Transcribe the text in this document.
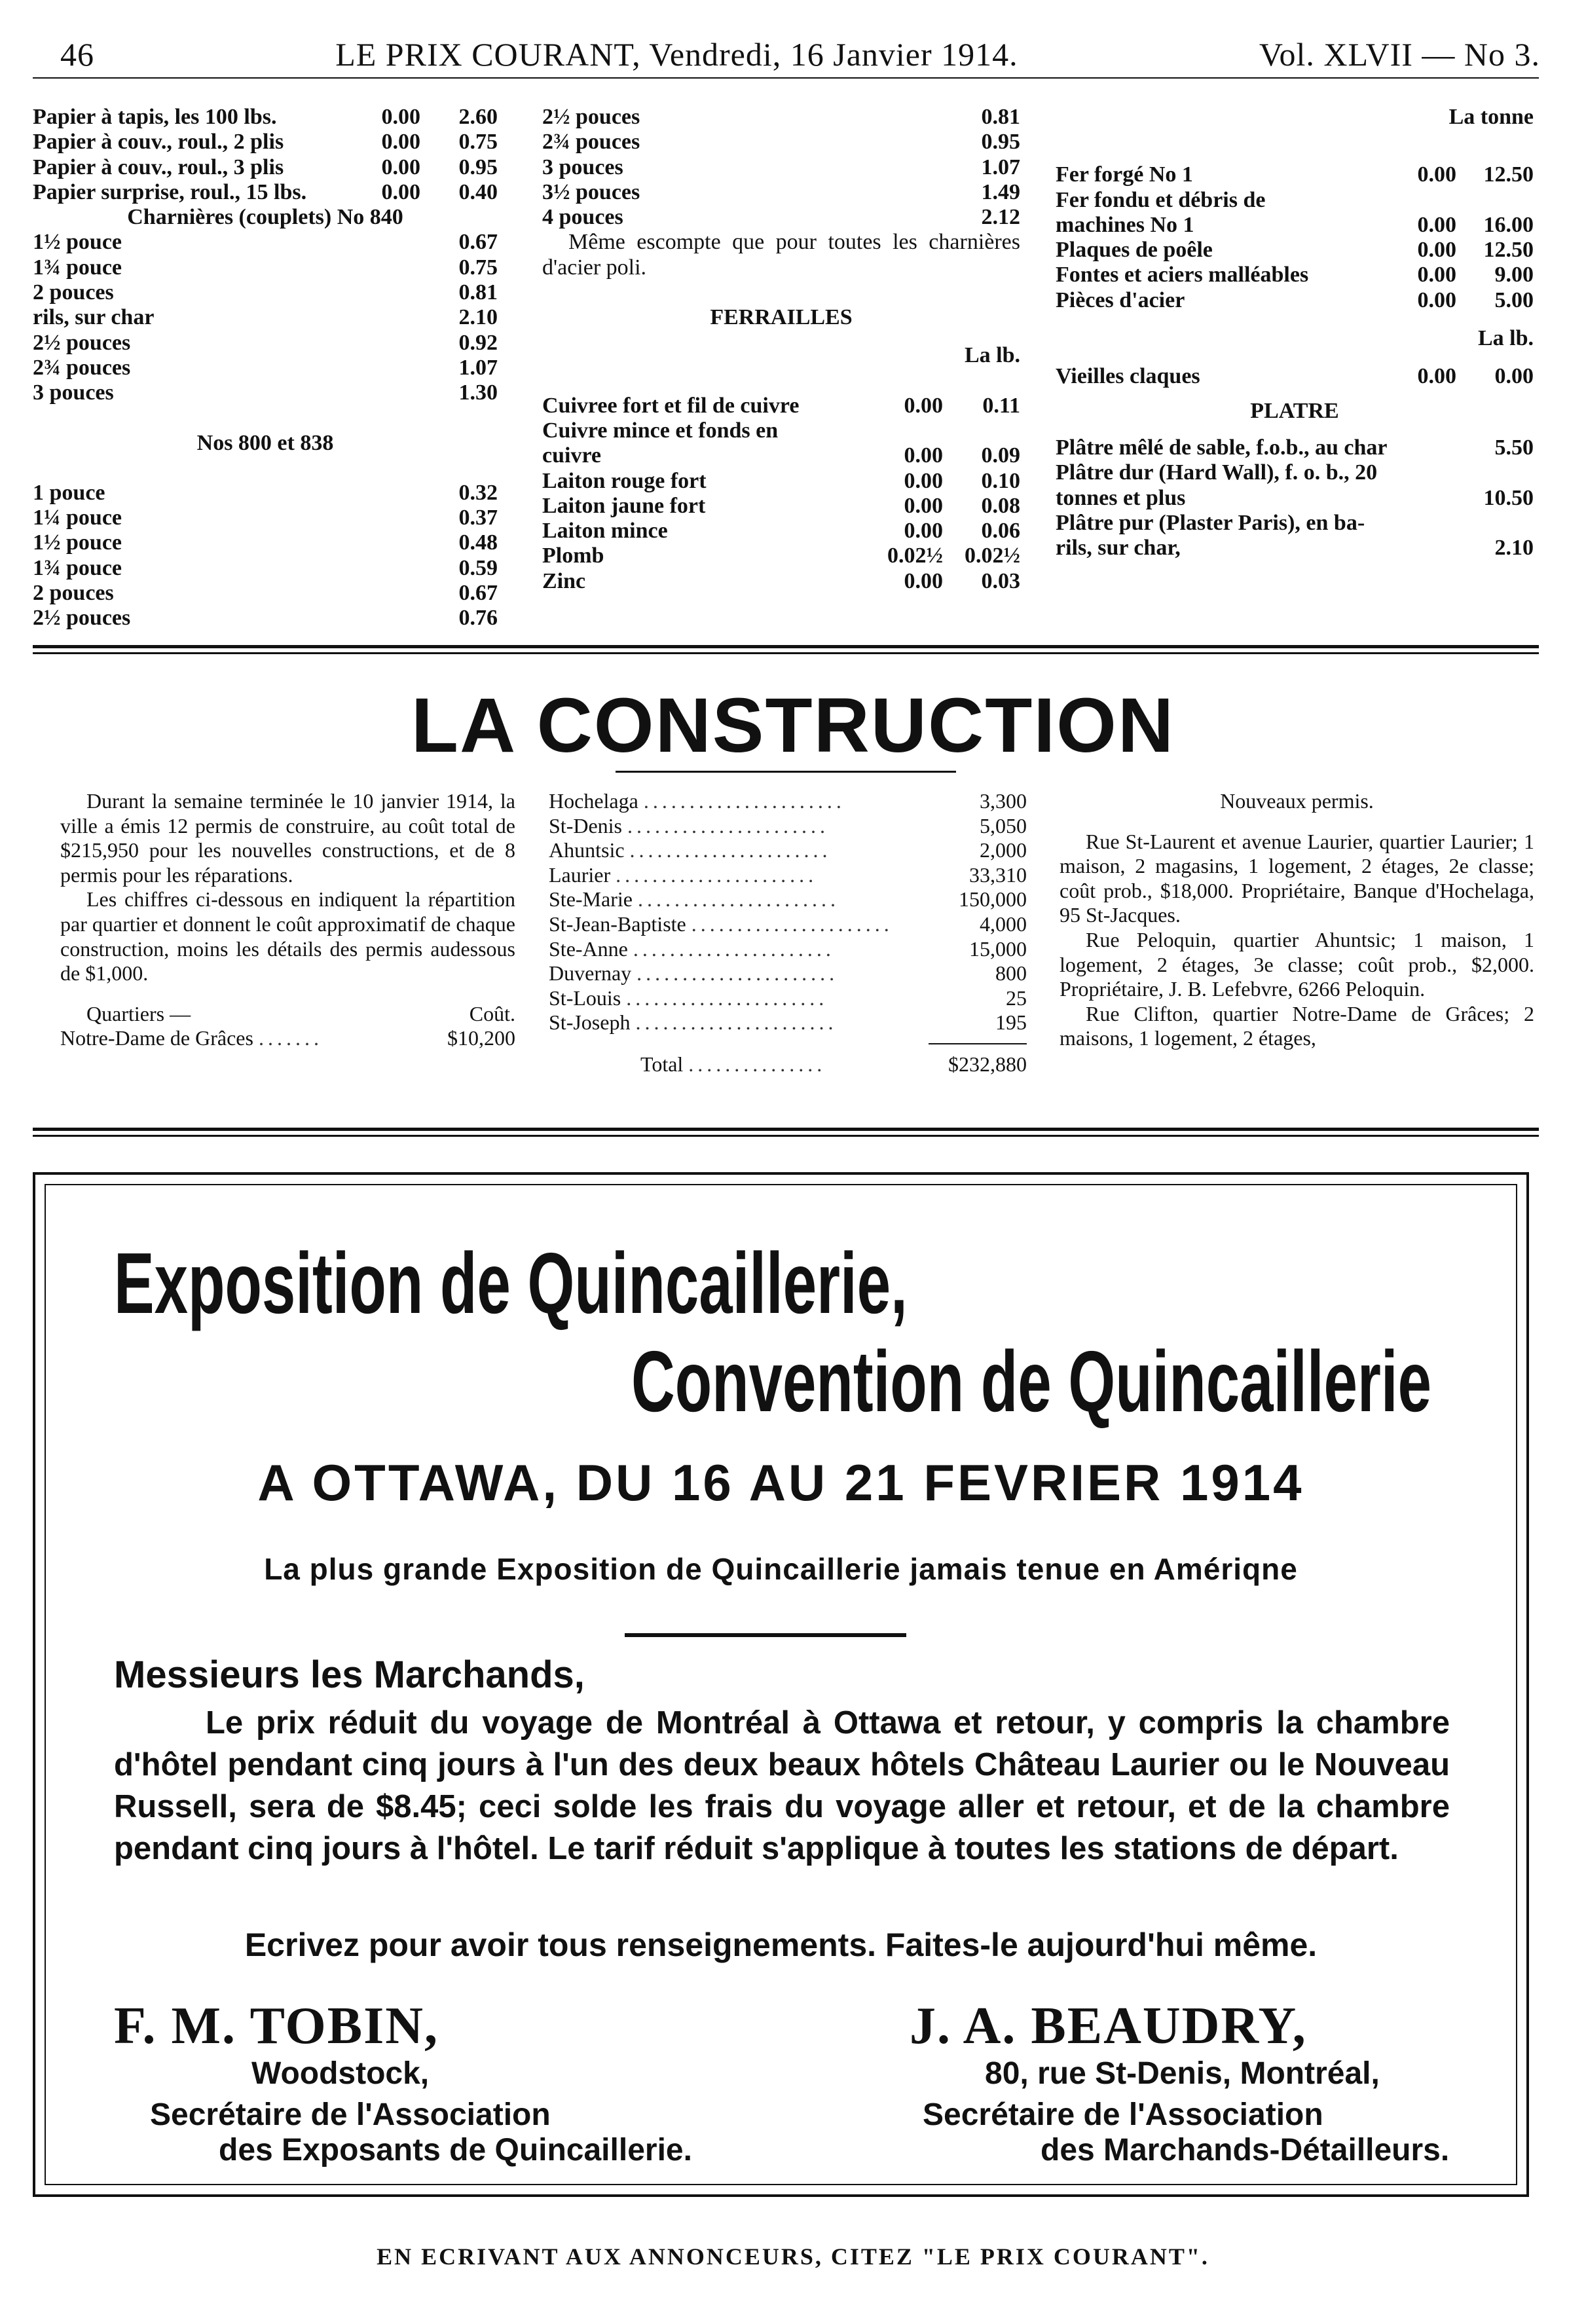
46	LE PRIX COURANT, Vendredi, 16 Janvier 1914.	Vol. XLVII — No 3.
Papier à tapis, les 100 lbs.	0.00	2.60
Papier à couv., roul., 2 plis	0.00	0.75
Papier à couv., roul., 3 plis	0.00	0.95
Papier surprise, roul., 15 lbs.	0.00	0.40
Charnières (couplets) No 840
1½ pouce	0.67
1¾ pouce	0.75
2 pouces	0.81
rils, sur char	2.10
2½ pouces	0.92
2¾ pouces	1.07
3 pouces	1.30
Nos 800 et 838
1 pouce	0.32
1¼ pouce	0.37
1½ pouce	0.48
1¾ pouce	0.59
2 pouces	0.67
2½ pouces	0.76
2½ pouces	0.81
2¾ pouces	0.95
3 pouces	1.07
3½ pouces	1.49
4 pouces	2.12
Même escompte que pour toutes les charnières d'acier poli.
FERRAILLES
La lb.
Cuivree fort et fil de cuivre	0.00	0.11
Cuivre mince et fonds en
cuivre	0.00	0.09
Laiton rouge fort	0.00	0.10
Laiton jaune fort	0.00	0.08
Laiton mince	0.00	0.06
Plomb	0.02½ 0.02½
Zinc	0.00	0.03
La tonne
Fer forgé No 1	0.00	12.50
Fer fondu et débris de
machines No 1	0.00	16.00
Plaques de poêle	0.00	12.50
Fontes et aciers malléables	0.00	9.00
Pièces d'acier	0.00	5.00
La lb.
Vieilles claques	0.00	0.00
PLATRE
Plâtre mêlé de sable, f.o.b., au char	5.50
Plâtre dur (Hard Wall), f. o. b., 20
tonnes et plus	10.50
Plâtre pur (Plaster Paris), en ba-
rils, sur char,	2.10
LA CONSTRUCTION
Durant la semaine terminée le 10 janvier 1914, la ville a émis 12 permis de construire, au coût total de $215,950 pour les nouvelles constructions, et de 8 permis pour les réparations.
Les chiffres ci-dessous en indiquent la répartition par quartier et donnent le coût approximatif de chaque construction, moins les détails des permis audessous de $1,000.
Quartiers —	Coût.
Notre-Dame de Grâces .......	$10,200
Hochelaga ......................	3,300
St-Denis ......................	5,050
Ahuntsic ......................	2,000
Laurier ......................	33,310
Ste-Marie ......................	150,000
St-Jean-Baptiste ......................	4,000
Ste-Anne ......................	15,000
Duvernay ......................	800
St-Louis ......................	25
St-Joseph ......................	195
Total ...............	$232,880
Nouveaux permis.
Rue St-Laurent et avenue Laurier, quartier Laurier; 1 maison, 2 magasins, 1 logement, 2 étages, 2e classe; coût prob., $18,000. Propriétaire, Banque d'Hochelaga, 95 St-Jacques.
Rue Peloquin, quartier Ahuntsic; 1 maison, 1 logement, 2 étages, 3e classe; coût prob., $2,000. Propriétaire, J. B. Lefebvre, 6266 Peloquin.
Rue Clifton, quartier Notre-Dame de Grâces; 2 maisons, 1 logement, 2 étages,
Exposition de Quincaillerie,
Convention de Quincaillerie
A OTTAWA, DU 16 AU 21 FEVRIER 1914
La plus grande Exposition de Quincaillerie jamais tenue en Amériqne
Messieurs les Marchands,
Le prix réduit du voyage de Montréal à Ottawa et retour, y compris la chambre d'hôtel pendant cinq jours à l'un des deux beaux hôtels Château Laurier ou le Nouveau Russell, sera de $8.45; ceci solde les frais du voyage aller et retour, et de la chambre pendant cinq jours à l'hôtel. Le tarif réduit s'applique à toutes les stations de départ.
Ecrivez pour avoir tous renseignements. Faites-le aujourd'hui même.
F. M. TOBIN,
Woodstock,
Secrétaire de l'Association
des Exposants de Quincaillerie.
J. A. BEAUDRY,
80, rue St-Denis, Montréal,
Secrétaire de l'Association
des Marchands-Détailleurs.
EN ECRIVANT AUX ANNONCEURS, CITEZ "LE PRIX COURANT".
